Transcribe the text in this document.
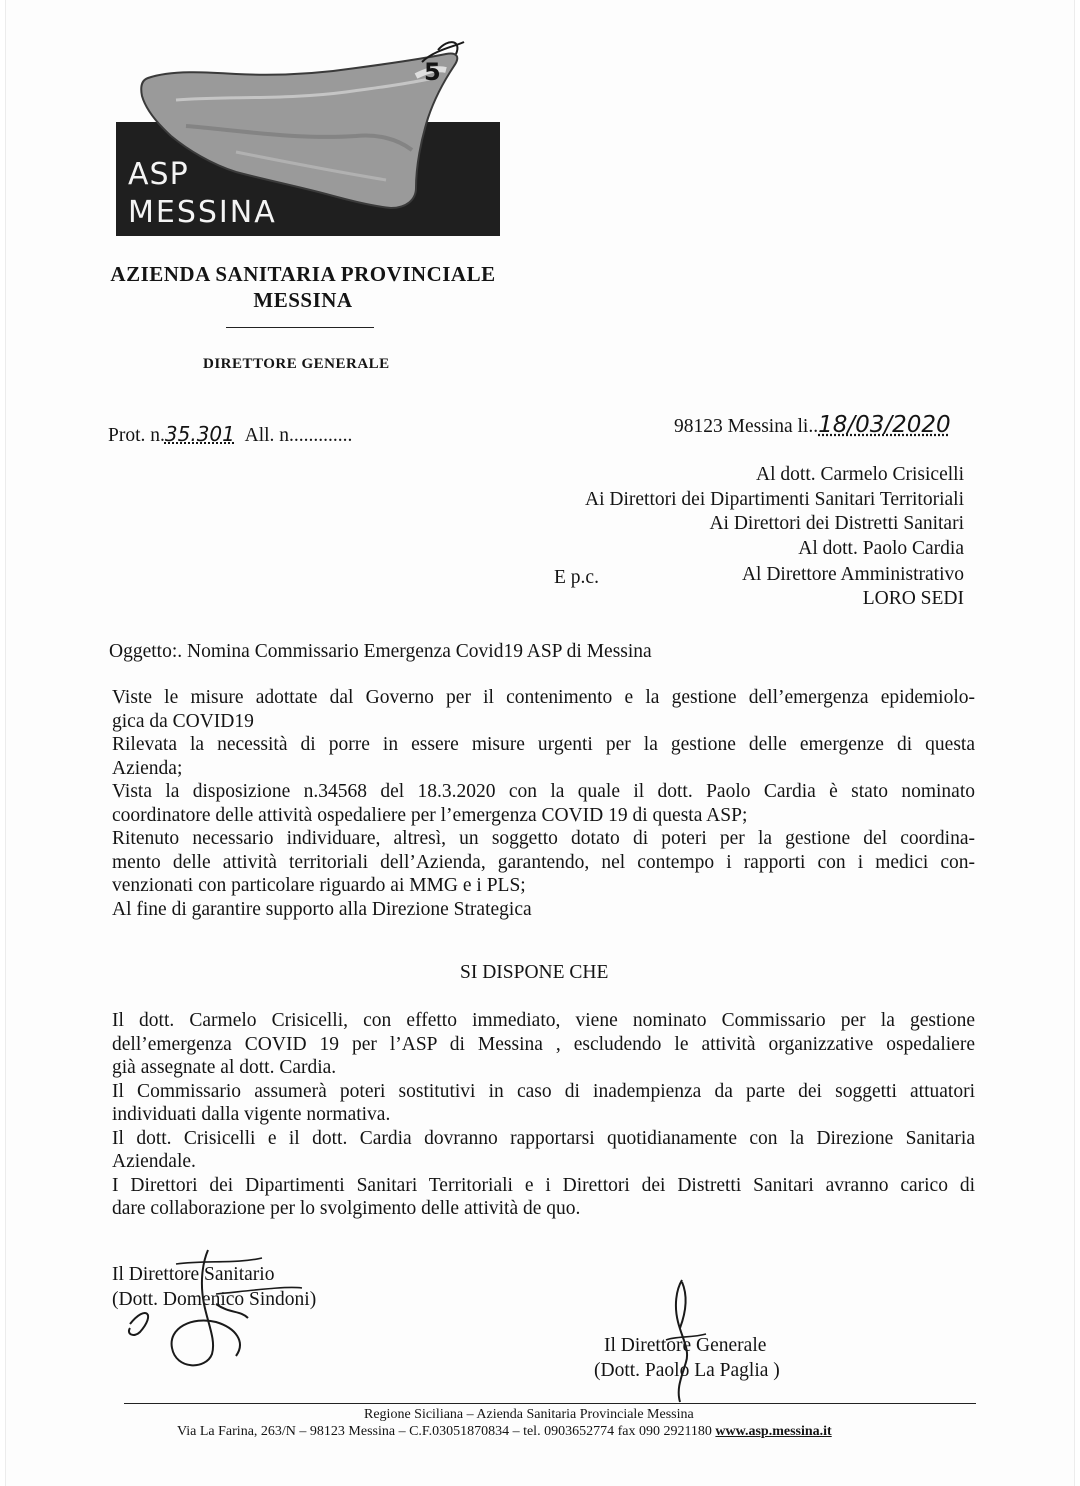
ASP
MESSINA
5
AZIENDA SANITARIA PROVINCIALE
MESSINA
DIRETTORE GENERALE
Prot. n.35.301 All. n.............	98123 Messina li..18/03/2020
Al dott. Carmelo Crisicelli
Ai Direttori dei Dipartimenti Sanitari Territoriali
Ai Direttori dei Distretti Sanitari
Al dott. Paolo Cardia
E p.c.	Al Direttore Amministrativo
LORO SEDI
Oggetto:. Nomina Commissario Emergenza Covid19 ASP di Messina
Viste le misure adottate dal Governo per il contenimento e la gestione dell’emergenza epidemiolo-
gica da COVID19
Rilevata la necessità di porre in essere misure urgenti per la gestione delle emergenze di questa
Azienda;
Vista la disposizione n.34568 del 18.3.2020 con la quale il dott. Paolo Cardia è stato nominato
coordinatore delle attività ospedaliere per l’emergenza COVID 19 di questa ASP;
Ritenuto necessario individuare, altresì, un soggetto dotato di poteri per la gestione del coordina-
mento delle attività territoriali dell’Azienda, garantendo, nel contempo i rapporti con i medici con-
venzionati con particolare riguardo ai MMG e i PLS;
Al fine di garantire supporto alla Direzione Strategica
SI DISPONE CHE
Il dott. Carmelo Crisicelli, con effetto immediato, viene nominato Commissario per la gestione
dell’emergenza COVID 19 per l’ASP di Messina , escludendo le attività organizzative ospedaliere
già assegnate al dott. Cardia.
Il Commissario assumerà poteri sostitutivi in caso di inadempienza da parte dei soggetti attuatori
individuati dalla vigente normativa.
Il dott. Crisicelli e il dott. Cardia dovranno rapportarsi quotidianamente con la Direzione Sanitaria
Aziendale.
I Direttori dei Dipartimenti Sanitari Territoriali e i Direttori dei Distretti Sanitari avranno carico di
dare collaborazione per lo svolgimento delle attività de quo.
Il Direttore Sanitario
(Dott. Domenico Sindoni)
Il Direttore Generale
(Dott. Paolo La Paglia )
Regione Siciliana – Azienda Sanitaria Provinciale Messina
Via La Farina, 263/N – 98123 Messina – C.F.03051870834 – tel. 0903652774 fax 090 2921180 www.asp.messina.it
